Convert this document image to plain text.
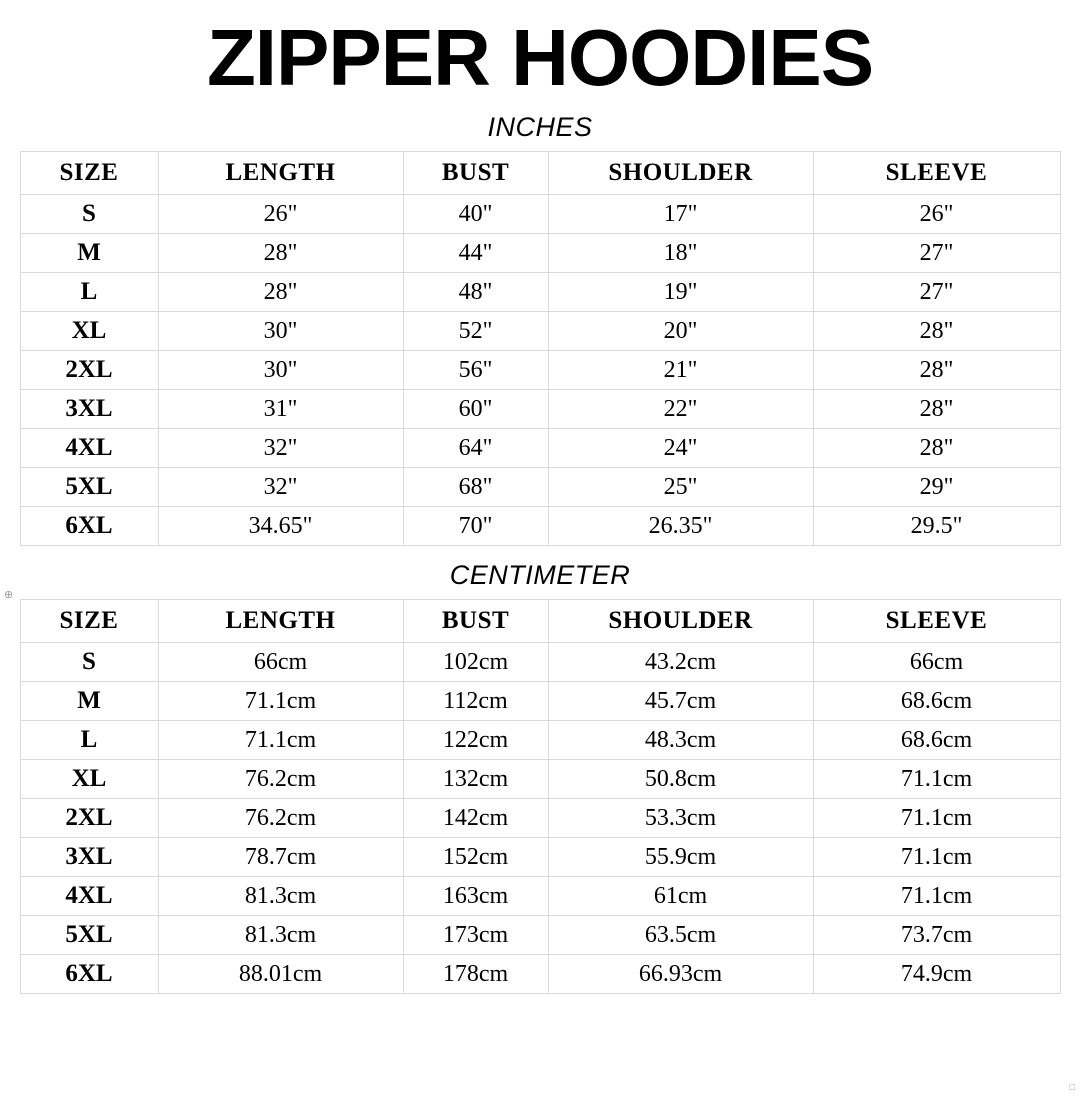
ZIPPER HOODIES
INCHES
SIZE	LENGTH	BUST	SHOULDER	SLEEVE
S	26"	40"	17"	26"
M	28"	44"	18"	27"
L	28"	48"	19"	27"
XL	30"	52"	20"	28"
2XL	30"	56"	21"	28"
3XL	31"	60"	22"	28"
4XL	32"	64"	24"	28"
5XL	32"	68"	25"	29"
6XL	34.65"	70"	26.35"	29.5"
CENTIMETER
SIZE	LENGTH	BUST	SHOULDER	SLEEVE
S	66cm	102cm	43.2cm	66cm
M	71.1cm	112cm	45.7cm	68.6cm
L	71.1cm	122cm	48.3cm	68.6cm
XL	76.2cm	132cm	50.8cm	71.1cm
2XL	76.2cm	142cm	53.3cm	71.1cm
3XL	78.7cm	152cm	55.9cm	71.1cm
4XL	81.3cm	163cm	61cm	71.1cm
5XL	81.3cm	173cm	63.5cm	73.7cm
6XL	88.01cm	178cm	66.93cm	74.9cm
⊕
□
